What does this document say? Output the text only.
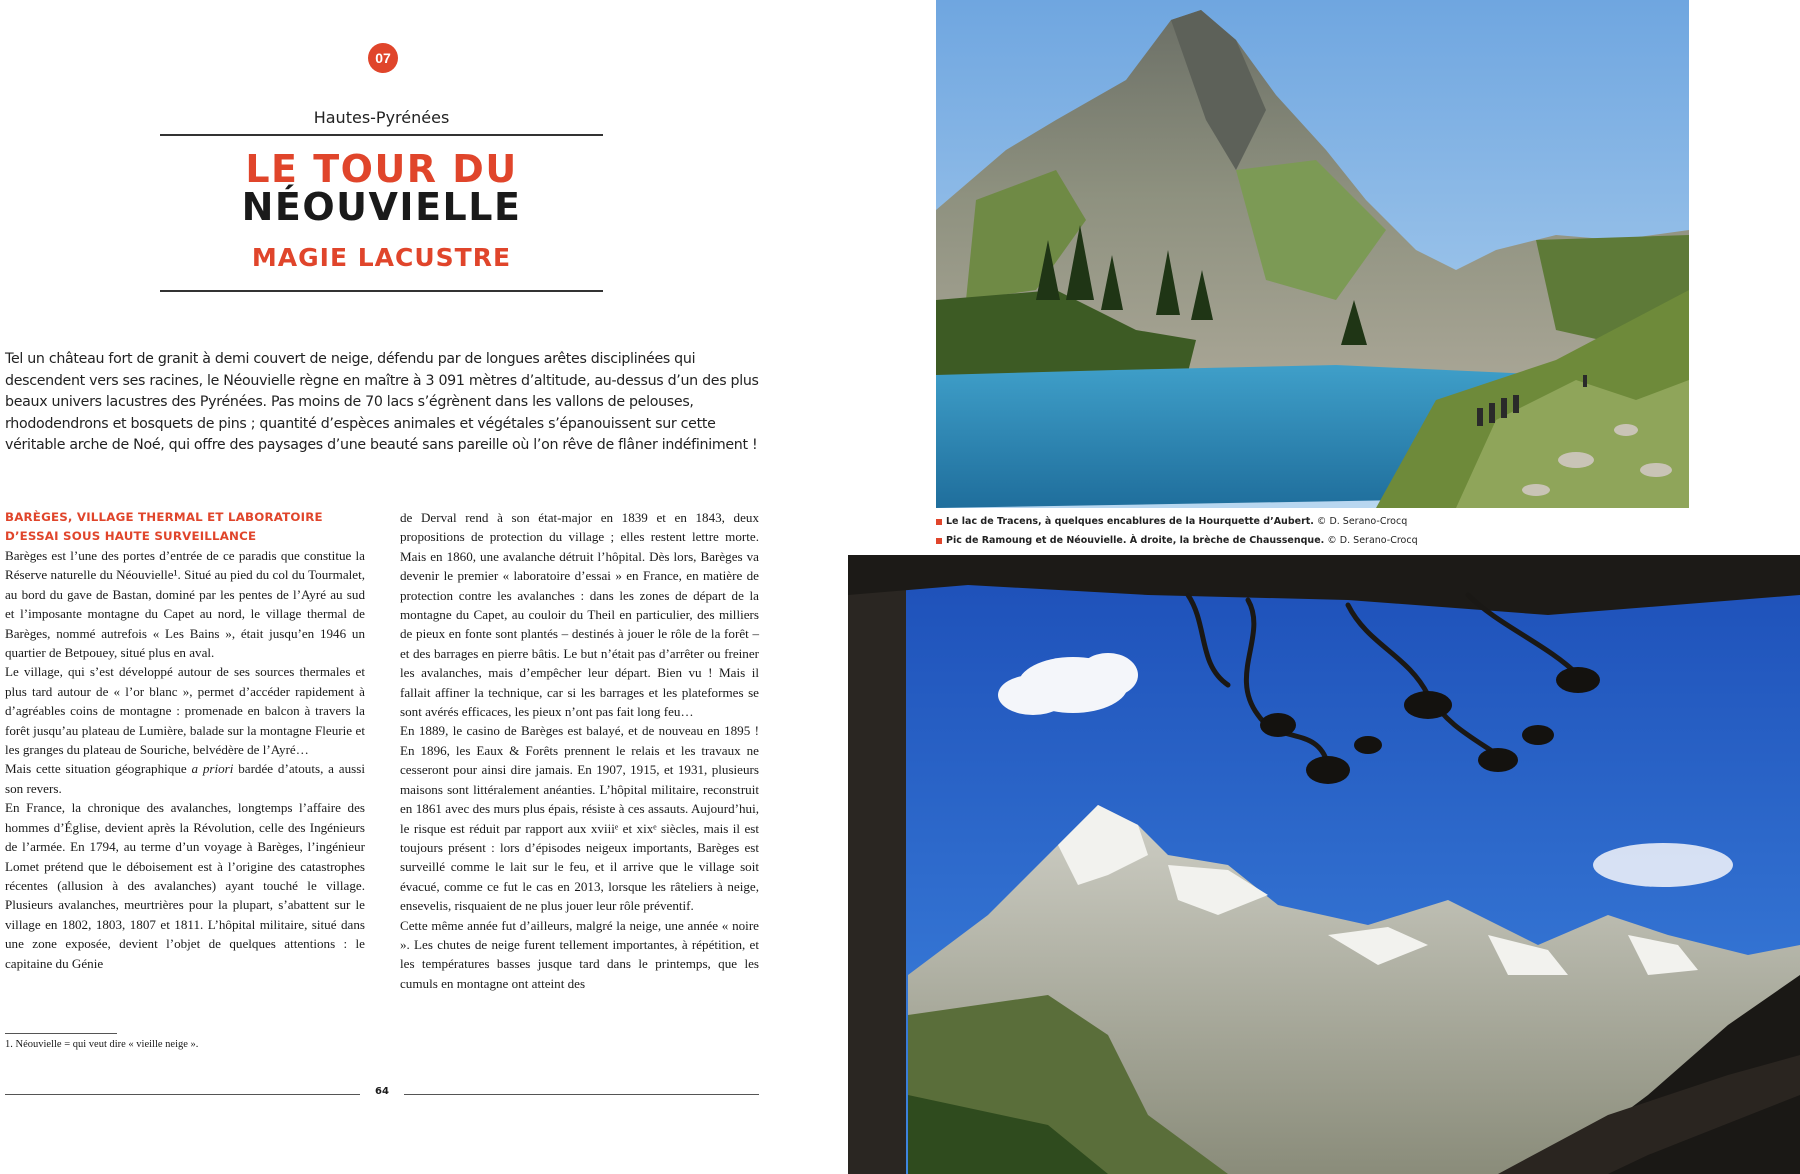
07
Hautes-Pyrénées
LE TOUR DU
NÉOUVIELLE
MAGIE LACUSTRE
Tel un château fort de granit à demi couvert de neige, défendu par de longues arêtes disciplinées qui descendent vers ses racines, le Néouvielle règne en maître à 3 091 mètres d’altitude, au-dessus d’un des plus beaux univers lacustres des Pyrénées. Pas moins de 70 lacs s’égrènent dans les vallons de pelouses, rhododendrons et bosquets de pins ; quantité d’espèces animales et végétales s’épanouissent sur cette véritable arche de Noé, qui offre des paysages d’une beauté sans pareille où l’on rêve de flâner indéfiniment !
BARÈGES, VILLAGE THERMAL ET LABORATOIRE D’ESSAI SOUS HAUTE SURVEILLANCE

Barèges est l’une des portes d’entrée de ce paradis que constitue la Réserve naturelle du Néouvielle¹. Situé au pied du col du Tourmalet, au bord du gave de Bastan, dominé par les pentes de l’Ayré au sud et l’imposante montagne du Capet au nord, le village thermal de Barèges, nommé autrefois « Les Bains », était jusqu’en 1946 un quartier de Betpouey, situé plus en aval.

Le village, qui s’est développé autour de ses sources thermales et plus tard autour de « l’or blanc », permet d’accéder rapidement à d’agréables coins de montagne : promenade en balcon à travers la forêt jusqu’au plateau de Lumière, balade sur la montagne Fleurie et les granges du plateau de Souriche, belvédère de l’Ayré…

Mais cette situation géographique a priori bardée d’atouts, a aussi son revers.

En France, la chronique des avalanches, longtemps l’affaire des hommes d’Église, devient après la Révolution, celle des Ingénieurs de l’armée. En 1794, au terme d’un voyage à Barèges, l’ingénieur Lomet prétend que le déboisement est à l’origine des catastrophes récentes (allusion à des avalanches) ayant touché le village. Plusieurs avalanches, meurtrières pour la plupart, s’abattent sur le village en 1802, 1803, 1807 et 1811. L’hôpital militaire, situé dans une zone exposée, devient l’objet de quelques attentions : le capitaine du Génie

de Derval rend à son état-major en 1839 et en 1843, deux propositions de protection du village ; elles restent lettre morte. Mais en 1860, une avalanche détruit l’hôpital. Dès lors, Barèges va devenir le premier « laboratoire d’essai » en France, en matière de protection contre les avalanches : dans les zones de départ de la montagne du Capet, au couloir du Theil en particulier, des milliers de pieux en fonte sont plantés – destinés à jouer le rôle de la forêt – et des barrages en pierre bâtis. Le but n’était pas d’arrêter ou freiner les avalanches, mais d’empêcher leur départ. Bien vu ! Mais il fallait affiner la technique, car si les barrages et les plateformes se sont avérés efficaces, les pieux n’ont pas fait long feu…

En 1889, le casino de Barèges est balayé, et de nouveau en 1895 ! En 1896, les Eaux & Forêts prennent le relais et les travaux ne cesseront pour ainsi dire jamais. En 1907, 1915, et 1931, plusieurs maisons sont littéralement anéanties. L’hôpital militaire, reconstruit en 1861 avec des murs plus épais, résiste à ces assauts. Aujourd’hui, le risque est réduit par rapport aux xviiiᵉ et xixᵉ siècles, mais il est toujours présent : lors d’épisodes neigeux importants, Barèges est surveillé comme le lait sur le feu, et il arrive que le village soit évacué, comme ce fut le cas en 2013, lorsque les râteliers à neige, ensevelis, risquaient de ne plus jouer leur rôle préventif.

Cette même année fut d’ailleurs, malgré la neige, une année « noire ». Les chutes de neige furent tellement importantes, à répétition, et les températures basses jusque tard dans le printemps, que les cumuls en montagne ont atteint des

1. Néouvielle = qui veut dire « vieille neige ».
64
Le lac de Tracens, à quelques encablures de la Hourquette d’Aubert. © D. Serano-Crocq
Pic de Ramoung et de Néouvielle. À droite, la brèche de Chaussenque. © D. Serano-Crocq
